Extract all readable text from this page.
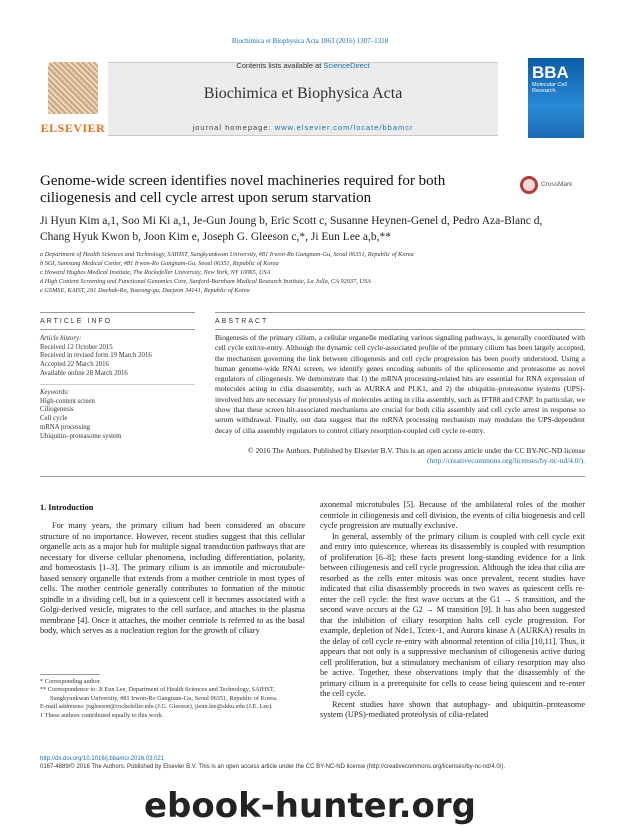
Biochimica et Biophysica Acta 1863 (2016) 1307–1318
ELSEVIER
Contents lists available at ScienceDirect
Biochimica et Biophysica Acta
journal homepage: www.elsevier.com/locate/bbamcr
BBA
Molecular Cell Research
Genome-wide screen identifies novel machineries required for both ciliogenesis and cell cycle arrest upon serum starvation
CrossMark
Ji Hyun Kim a,1, Soo Mi Ki a,1, Je-Gun Joung b, Eric Scott c, Susanne Heynen-Genel d, Pedro Aza-Blanc d,
Chang Hyuk Kwon b, Joon Kim e, Joseph G. Gleeson c,*, Ji Eun Lee a,b,**
a Department of Health Sciences and Technology, SAIHST, Sungkyunkwan University, #81 Irwon-Ro Gangnam-Gu, Seoul 06351, Republic of Korea
b SGI, Samsung Medical Center, #81 Irwon-Ro Gangnam-Gu, Seoul 06351, Republic of Korea
c Howard Hughes Medical Institute, The Rockefeller University, New York, NY 10065, USA
d High Content Screening and Functional Genomics Core, Sanford-Burnham Medical Research Institute, La Jolla, CA 92037, USA
e GSMSE, KAIST, 291 Daehak-Ro, Yuseong-gu, Daejeon 34141, Republic of Korea
ARTICLE INFO	ABSTRACT
Article history:
Received 12 October 2015
Received in revised form 19 March 2016
Accepted 22 March 2016
Available online 28 March 2016
Keywords:
High-content screen
Ciliogenesis
Cell cycle
mRNA processing
Ubiquitin–proteasome system
Biogenesis of the primary cilium, a cellular organelle mediating various signaling pathways, is generally coordinated with cell cycle exit/re-entry. Although the dynamic cell cycle-associated profile of the primary cilium has been largely accepted, the mechanism governing the link between ciliogenesis and cell cycle progression has been poorly understood. Using a human genome-wide RNAi screen, we identify genes encoding subunits of the spliceosome and proteasome as novel regulators of ciliogenesis. We demonstrate that 1) the mRNA processing-related hits are essential for RNA expression of molecules acting in cilia disassembly, such as AURKA and PLK1, and 2) the ubiquitin–proteasome systems (UPS)-involved hits are necessary for proteolysis of molecules acting in cilia assembly, such as IFT88 and CPAP. In particular, we show that these screen hit-associated mechanisms are crucial for both cilia assembly and cell cycle arrest in response to serum withdrawal. Finally, our data suggest that the mRNA processing mechanism may modulate the UPS-dependent decay of cilia assembly regulators to control ciliary resorption-coupled cell cycle re-entry.
© 2016 The Authors. Published by Elsevier B.V. This is an open access article under the CC BY-NC-ND license
(http://creativecommons.org/licenses/by-nc-nd/4.0/).
1. Introduction

For many years, the primary cilium had been considered an obscure structure of no importance. However, recent studies suggest that this cellular organelle acts as a major hub for multiple signal transduction pathways that are necessary for diverse cellular phenomena, including differentiation, polarity, and homeostasis [1–3]. The primary cilium is an immotile and microtubule-based sensory organelle that extends from a mother centriole in most types of cells. The mother centriole generally contributes to formation of the mitotic spindle in a dividing cell, but in a quiescent cell it becomes associated with a Golgi-derived vesicle, migrates to the cell surface, and attaches to the plasma membrane [4]. Once it attaches, the mother centriole is referred to as the basal body, which serves as a nucleation region for the growth of ciliary

* Corresponding author.
** Correspondence to: Ji Eun Lee, Department of Health Sciences and Technology, SAIHST, Sungkyunkwan University, #81 Irwon-Ro Gangnam-Gu, Seoul 06351, Republic of Korea.
E-mail addresses: jogleeson@rockefeller.edu (J.G. Gleeson), jieun.lee@skku.edu (J.E. Lee).
1 These authors contributed equally to this work.

axonemal microtubules [5]. Because of the ambilateral roles of the mother centriole in ciliogenesis and cell division, the events of cilia biogenesis and cell cycle progression are mutually exclusive.

In general, assembly of the primary cilium is coupled with cell cycle exit and entry into quiescence, whereas its disassembly is coupled with resumption of proliferation [6–8]; these facts present long-standing evidence for a link between ciliogenesis and cell cycle progression. Although the idea that cilia are resorbed as the cells enter mitosis was once prevalent, recent studies have indicated that cilia disassembly proceeds in two waves as quiescent cells re-enter the cell cycle: the first wave occurs at the G1 → S transition, and the second wave occurs at the G2 → M transition [9]. It has also been suggested that the inhibition of ciliary resorption halts cell cycle progression. For example, depletion of Nde1, Tctex-1, and Aurora kinase A (AURKA) results in the delay of cell cycle re-entry with abnormal retention of cilia [10,11]. Thus, it appears that not only is a suppressive mechanism of ciliogenesis active during cell proliferation, but a stimulatory mechanism of ciliary resorption may also be active. Together, these observations imply that the disassembly of the primary cilium is a prerequisite for cells to cease being quiescent and re-enter the cell cycle.

Recent studies have shown that autophagy- and ubiquitin–proteasome system (UPS)-mediated proteolysis of cilia-related

http://dx.doi.org/10.1016/j.bbamcr.2016.03.021
0167-4889/© 2016 The Authors. Published by Elsevier B.V. This is an open access article under the CC BY-NC-ND license (http://creativecommons.org/licenses/by-nc-nd/4.0/).
ebook-hunter.org
